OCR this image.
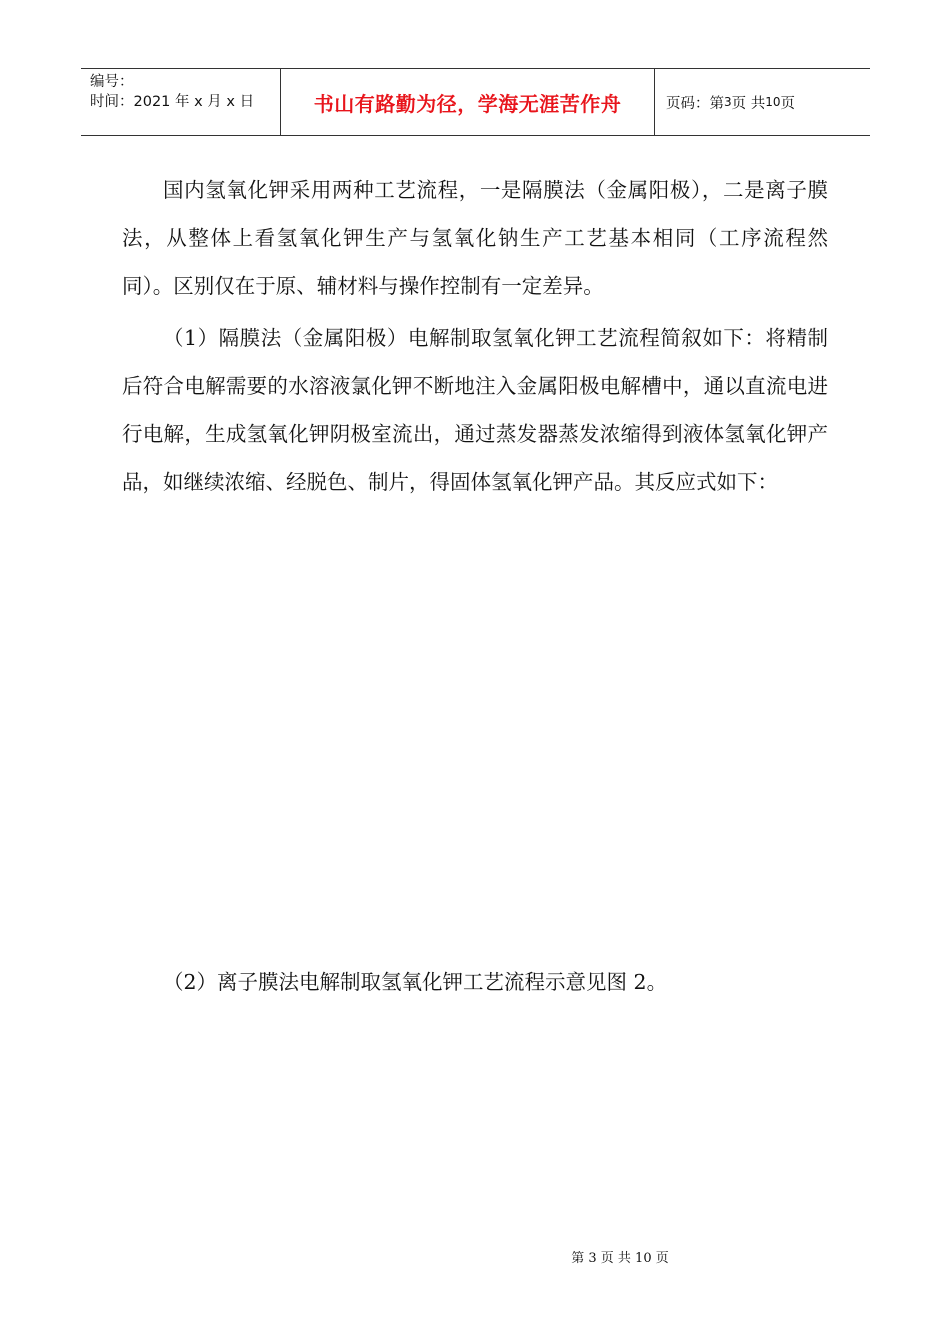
编号：
时间：2021 年 x 月 x 日	书山有路勤为径，学海无涯苦作舟	页码：第 3 页 共 10 页

国内氢氧化钾采用两种工艺流程，一是隔膜法（金属阳极），二是离子膜法，从整体上看氢氧化钾生产与氢氧化钠生产工艺基本相同（工序流程然同）。区别仅在于原、辅材料与操作控制有一定差异。

（1）隔膜法（金属阳极）电解制取氢氧化钾工艺流程简叙如下：将精制后符合电解需要的水溶液氯化钾不断地注入金属阳极电解槽中，通以直流电进行电解，生成氢氧化钾阴极室流出，通过蒸发器蒸发浓缩得到液体氢氧化钾产品，如继续浓缩、经脱色、制片，得固体氢氧化钾产品。其反应式如下：

（2）离子膜法电解制取氢氧化钾工艺流程示意见图 2。

第 3 页 共 10 页
